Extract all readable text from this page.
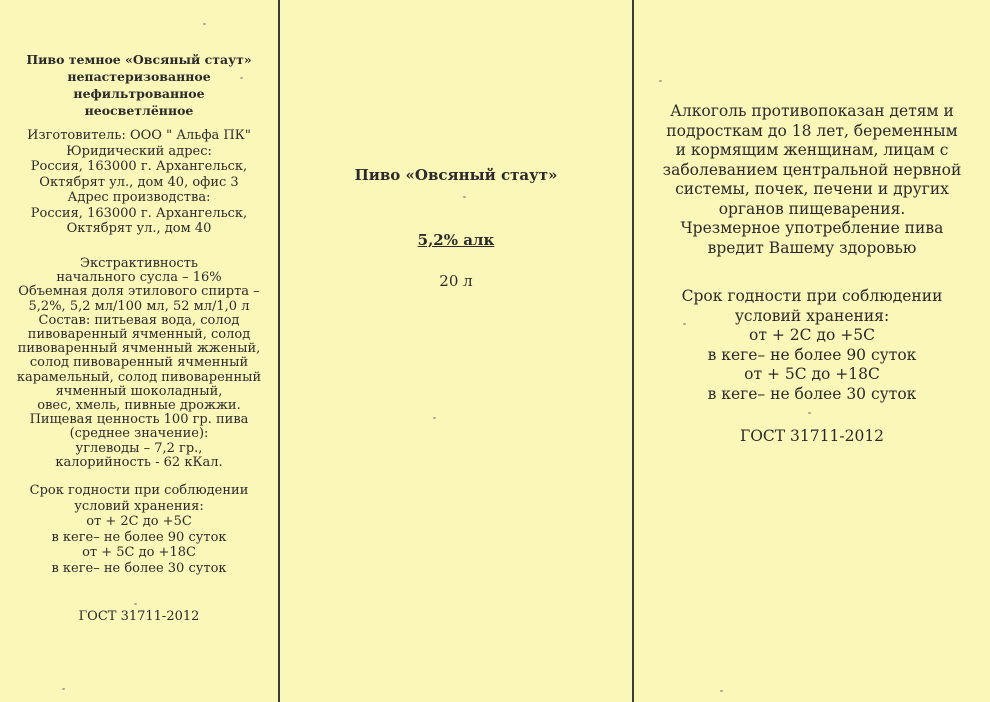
Пиво темное «Овсяный стаут»
непастеризованное
нефильтрованное
неосветлённое
Изготовитель: ООО " Альфа ПК"
Юридический адрес:
Россия, 163000 г. Архангельск,
Октябрят ул., дом 40, офис 3
Адрес производства:
Россия, 163000 г. Архангельск,
Октябрят ул., дом 40
Экстрактивность
начального сусла – 16%
Объемная доля этилового спирта –
5,2%, 5,2 мл/100 мл, 52 мл/1,0 л
Состав: питьевая вода, солод
пивоваренный ячменный, солод
пивоваренный ячменный жженый,
солод пивоваренный ячменный
карамельный, солод пивоваренный
ячменный шоколадный,
овес, хмель, пивные дрожжи.
Пищевая ценность 100 гр. пива
(среднее значение):
углеводы – 7,2 гр.,
калорийность - 62 кКал.
Срок годности при соблюдении
условий хранения:
от + 2С до +5С
в кеге– не более 90 суток
от + 5С до +18С
в кеге– не более 30 суток
ГОСТ 31711-2012
Пиво «Овсяный стаут»
5,2% алк
20 л
Алкоголь противопоказан детям и
подросткам до 18 лет, беременным
и кормящим женщинам, лицам с
заболеванием центральной нервной
системы, почек, печени и других
органов пищеварения.
Чрезмерное употребление пива
вредит Вашему здоровью
Срок годности при соблюдении
условий хранения:
от + 2С до +5С
в кеге– не более 90 суток
от + 5С до +18С
в кеге– не более 30 суток
ГОСТ 31711-2012
